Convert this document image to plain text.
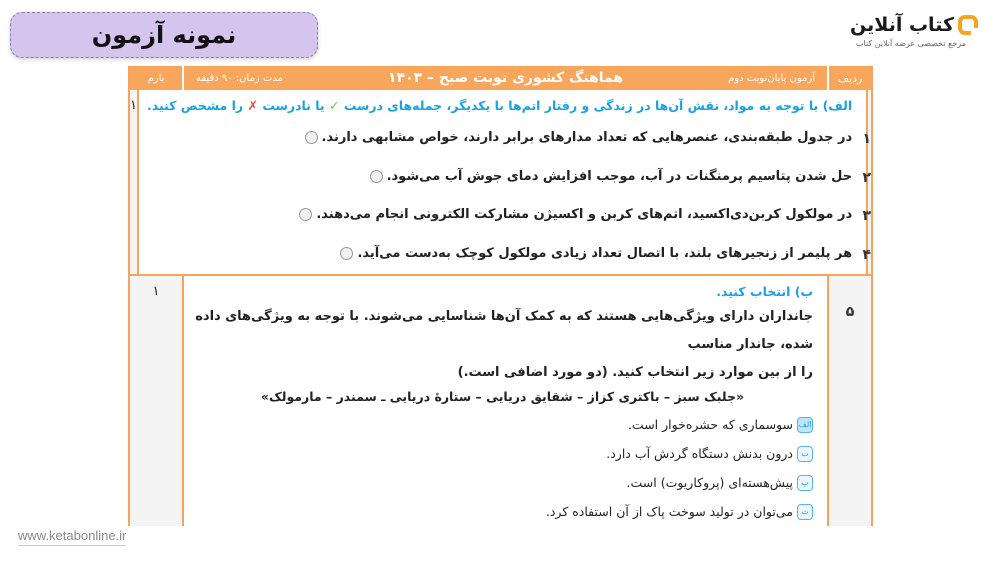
نمونه آزمون	کتاب آنلاین
مرجع تخصصی عرضه آنلاین کتاب
ردیف
آزمون پایان‌نوبت دوم
هماهنگ کشوری نوبت صبح – ۱۴۰۳
مدت زمان: ۹۰ دقیقه
بارم
۱
۲
۳
۴
الف) با توجه به مواد، نقش آن‌ها در زندگی و رفتار اتم‌ها با یکدیگر، جمله‌های درست ✓ یا نادرست ✗ را مشخص کنید.
در جدول طبقه‌بندی، عنصرهایی که تعداد مدارهای برابر دارند، خواص مشابهی دارند.
حل شدن پتاسیم پرمنگنات در آب، موجب افزایش دمای جوش آب می‌شود.
در مولکول کربن‌دی‌اکسید، اتم‌های کربن و اکسیژن مشارکت الکترونی انجام می‌دهند.
هر پلیمر از زنجیرهای بلند، با اتصال تعداد زیادی مولکول کوچک به‌دست می‌آید.
۱
۵
ب) انتخاب کنید.
جانداران دارای ویژگی‌هایی هستند که به کمک آن‌ها شناسایی می‌شوند. با توجه به ویژگی‌های داده شده، جاندار مناسب
را از بین موارد زیر انتخاب کنید. (دو مورد اضافی است.)
«جلبک سبز – باکتری کزاز – شقایق دریایی – ستارهٔ دریایی ـ سمندر – مارمولک»
الف
سوسماری که حشره‌خوار است.
ب
درون بدنش دستگاه گردش آب دارد.
پ
پیش‌هسته‌ای (پروکاریوت) است.
ت
می‌توان در تولید سوخت پاک از آن استفاده کرد.
۱
www.ketabonline.ir
